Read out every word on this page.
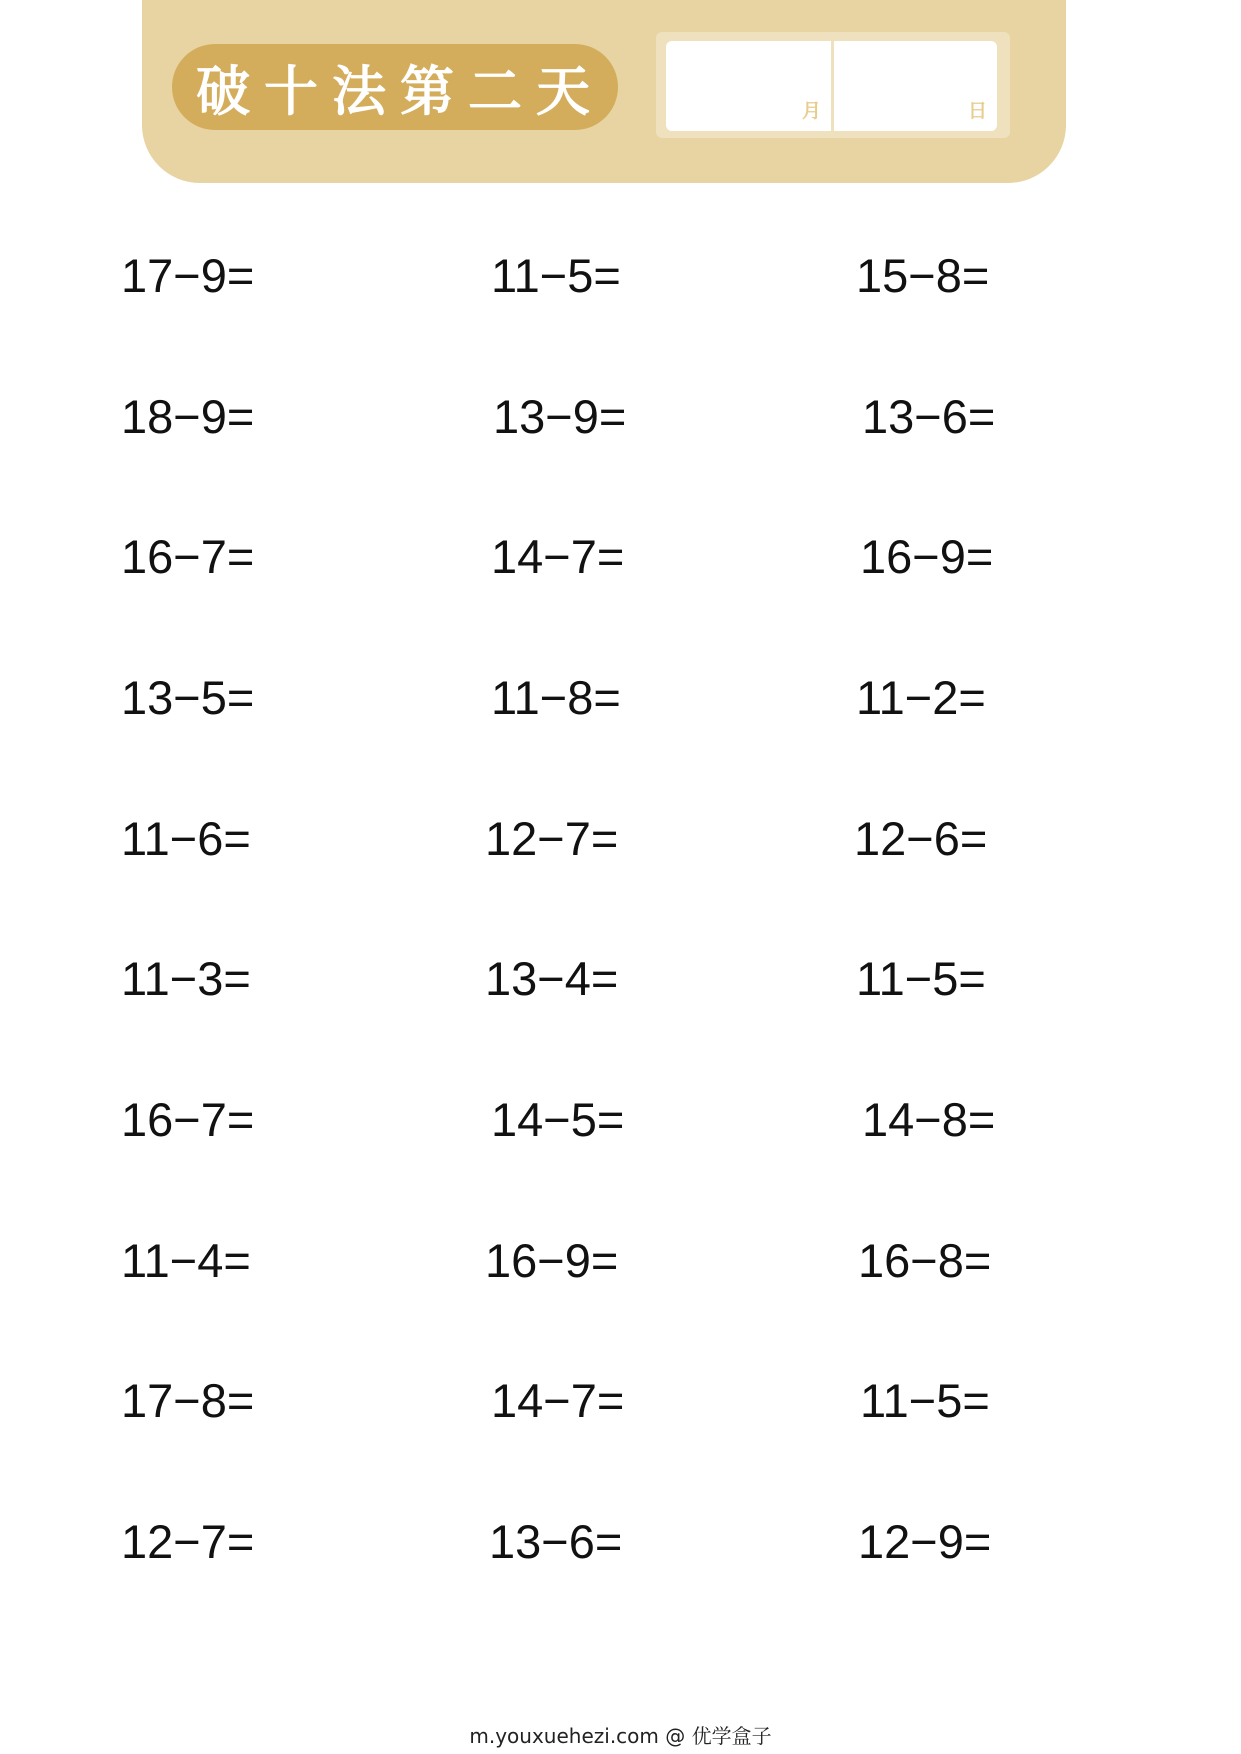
破十法第二天	月	日
17−9=	11−5=	15−8=
18−9=	13−9=	13−6=
16−7=	14−7=	16−9=
13−5=	11−8=	11−2=
11−6=	12−7=	12−6=
11−3=	13−4=	11−5=
16−7=	14−5=	14−8=
11−4=	16−9=	16−8=
17−8=	14−7=	11−5=
12−7=	13−6=	12−9=
m.youxuehezi.com @ 优学盒子
